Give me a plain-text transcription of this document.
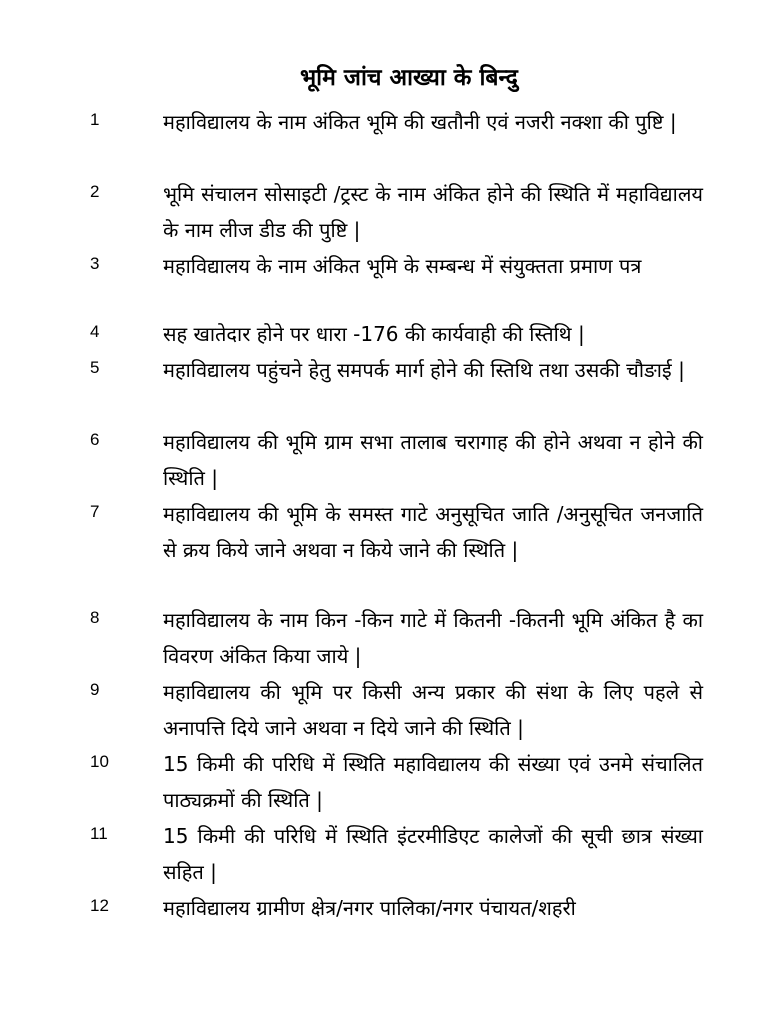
भूमि जांच आख्या के बिन्दु
1	महाविद्यालय के नाम अंकित भूमि की खतौनी एवं नजरी नक्शा की पुष्टि |
2	भूमि संचालन सोसाइटी /ट्रस्ट के नाम अंकित होने की स्थिति में महाविद्यालय के नाम लीज डीड की पुष्टि |
3	महाविद्यालय के नाम अंकित भूमि के सम्बन्ध में संयुक्तता प्रमाण पत्र
4	सह खातेदार होने पर धारा -176 की कार्यवाही की स्तिथि |
5	महाविद्यालय पहुंचने हेतु समपर्क मार्ग होने की स्तिथि तथा उसकी चौङाई |
6	महाविद्यालय की भूमि ग्राम सभा तालाब चरागाह की होने अथवा न होने की स्थिति |
7	महाविद्यालय की भूमि के समस्त गाटे अनुसूचित जाति /अनुसूचित जनजाति से क्रय किये जाने अथवा न किये जाने की स्थिति |
8	महाविद्यालय के नाम किन -किन गाटे में कितनी -कितनी भूमि अंकित है का विवरण अंकित किया जाये |
9	महाविद्यालय की भूमि पर किसी अन्य प्रकार की संथा के लिए पहले से अनापत्ति दिये जाने अथवा न दिये जाने की स्थिति |
10	15 किमी की परिधि में स्थिति महाविद्यालय की संख्या एवं उनमे संचालित पाठ्यक्रमों की स्थिति |
11	15 किमी की परिधि में स्थिति इंटरमीडिएट कालेजों की सूची छात्र संख्या सहित |
12	महाविद्यालय ग्रामीण क्षेत्र/नगर पालिका/नगर पंचायत/शहरी
